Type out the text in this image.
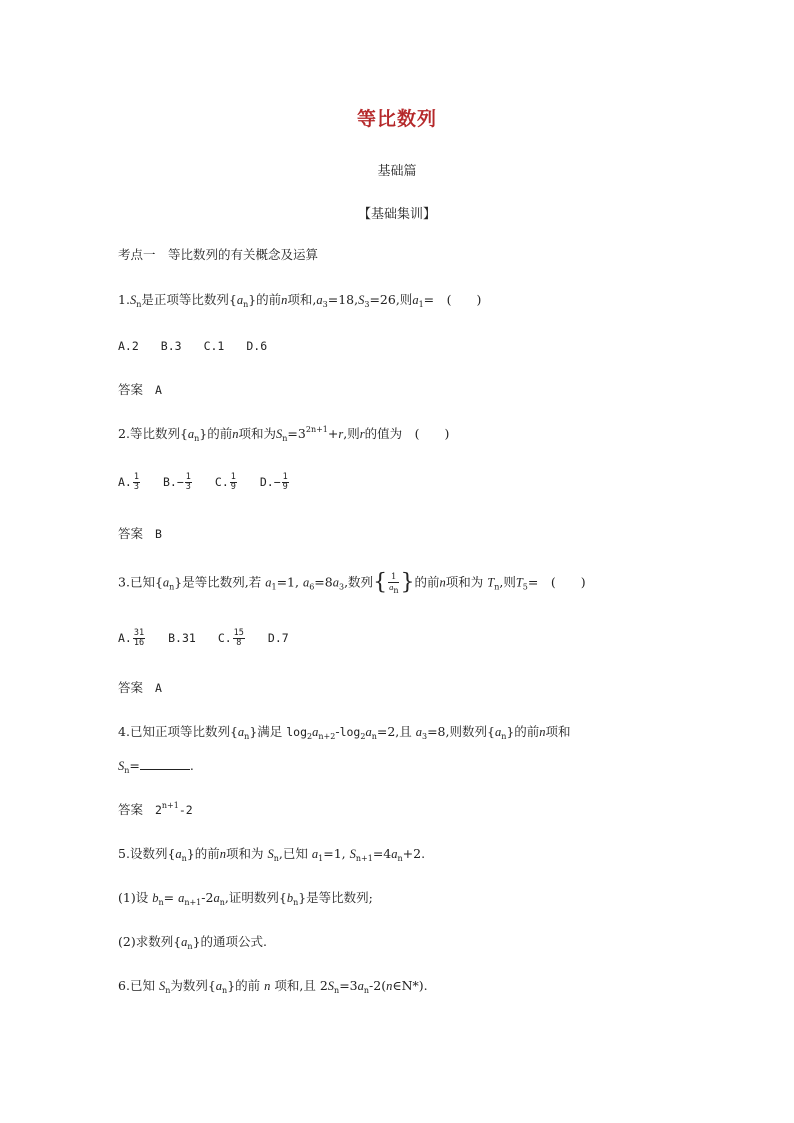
等比数列
基础篇
【基础集训】
考点一　等比数列的有关概念及运算
$1.S_n$是正项等比数列$\{a_n\}$的前n项和$,a_3=18,S_3=26$,则$a_1=$　(　　)
A.2 B.3 C.1 D.6
答案 A
2.等比数列$\{a_n\}$的前n项和为$S_n=3^{2n+1}+r$,则r的值为　(　　)
A. $\frac{1}{3} B.- \frac{1}{3} C$. $\frac{1}{9} D.- \frac{1}{9}$
答案 B
3.已知$\{a_n\}$是等比数列,若 $a_1=1$, $a_6=8a_3$,数列{ $\frac{1}{a_n}$ }的前n项和为 $T_n$,则$T_5=$　(　　)
A. $\frac{31}{16} B.31$ C. $\frac{15}{8} D.7$
答案 A
4.已知正项等比数列$\{a_n\}$满足 $\log_2a_{n+2}-\log_2a_n=2$,且 $a_3=8$,则数列$\{a_n\}$的前n项和
$S_n=$	.
答案 $2^{n+1}-2$
5.设数列$\{a_n\}$的前n项和为 $S_n$,已知 $a_1=1$, $S_{n+1}=4a_n+2$.
(1)设 $b_n= a_{n+1}-2a_n$,证明数列$\{b_n\}$是等比数列;
(2)求数列$\{a_n\}$的通项公式.
6.已知 $S_n$为数列$\{a_n\}$的前 n 项和,且 $2S_n=3a_n-2(n\in N*)$.
